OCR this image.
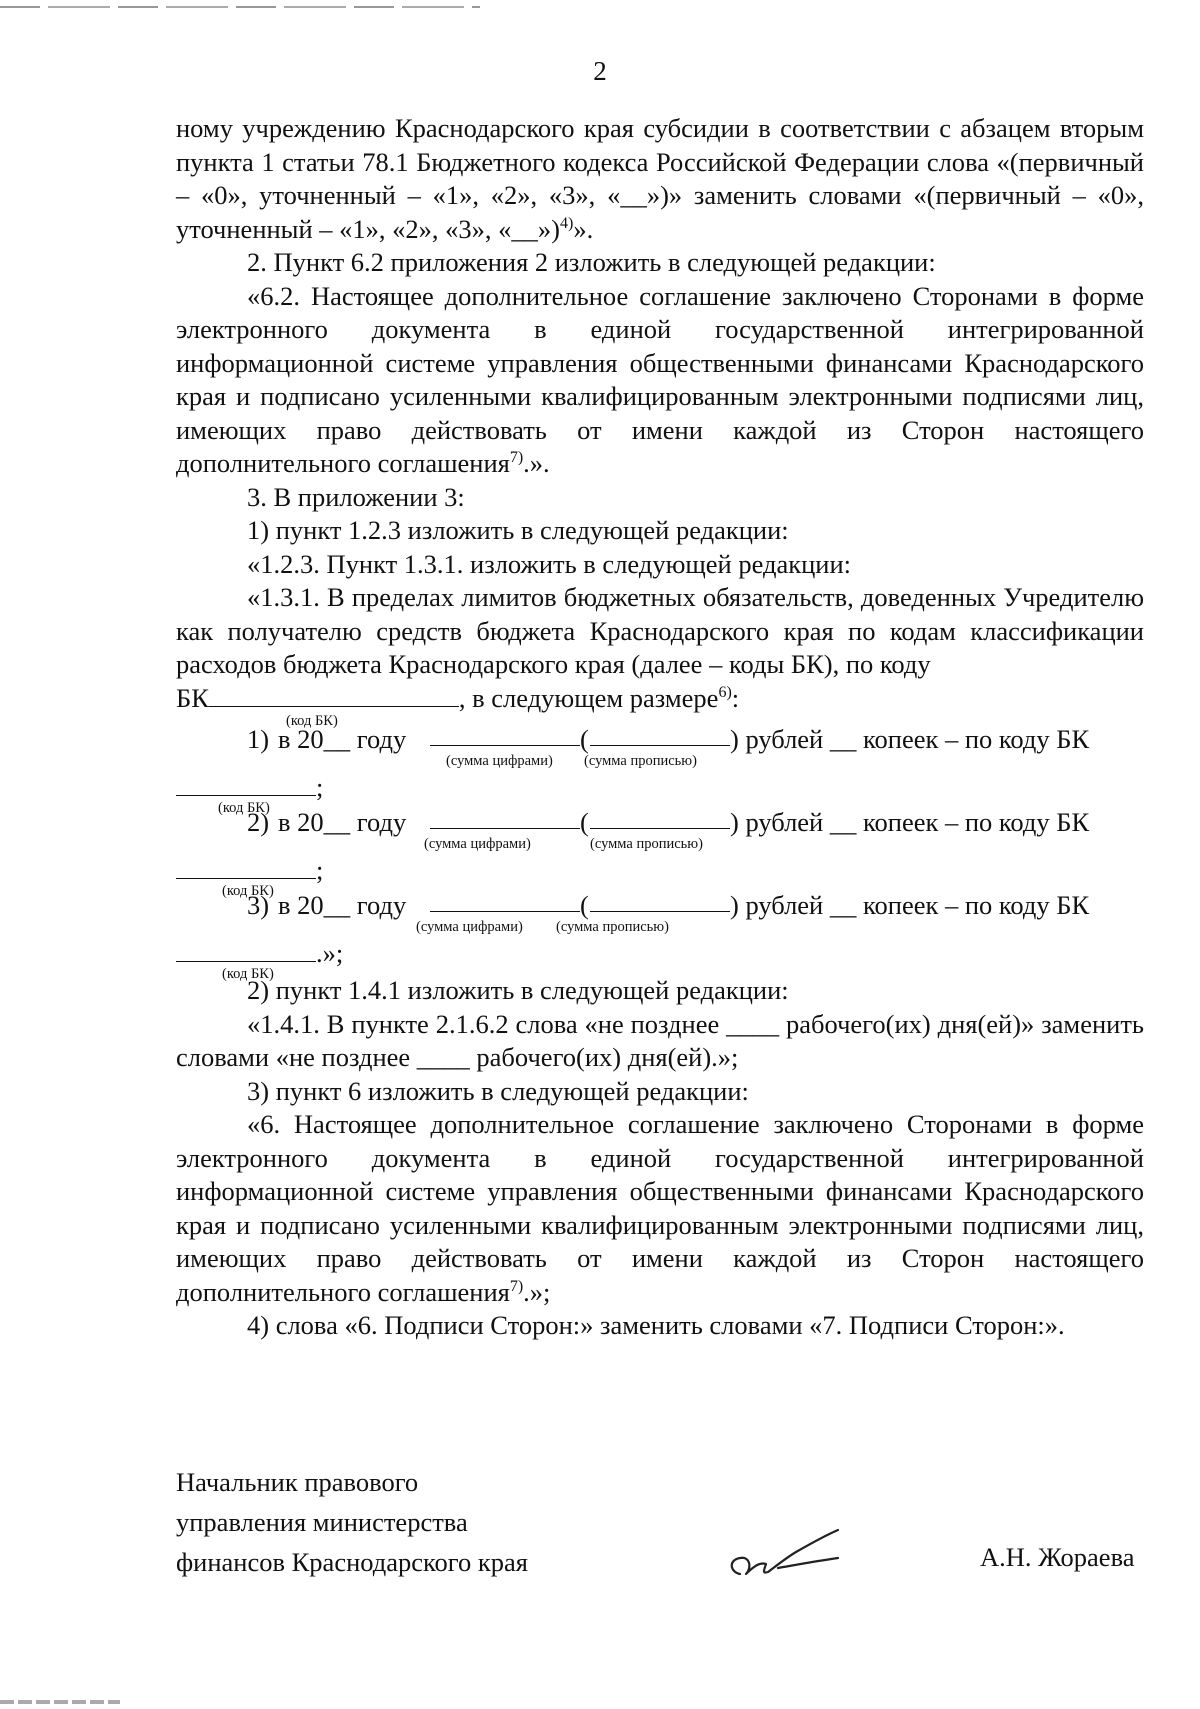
2

ному учреждению Краснодарского края субсидии в соответствии с абзацем вторым пункта 1 статьи 78.1 Бюджетного кодекса Российской Федерации слова «(первичный – «0», уточненный – «1», «2», «3», «__»)» заменить словами «(первичный – «0», уточненный – «1», «2», «3», «__»)$^{4)}$».

2. Пункт 6.2 приложения 2 изложить в следующей редакции:

«6.2. Настоящее дополнительное соглашение заключено Сторонами в форме электронного документа в единой государственной интегрированной информационной системе управления общественными финансами Краснодарского края и подписано усиленными квалифицированным электронными подписями лиц, имеющих право действовать от имени каждой из Сторон настоящего дополнительного соглашения$^{7)}$.».

3. В приложении 3:

1) пункт 1.2.3 изложить в следующей редакции:

«1.2.3. Пункт 1.3.1. изложить в следующей редакции:

«1.3.1. В пределах лимитов бюджетных обязательств, доведенных Учредителю как получателю средств бюджета Краснодарского края по кодам классификации расходов бюджета Краснодарского края (далее – коды БК), по коду

БК	, в следующем размере$^{6)}$:
(код БК)
1) в 20__ году	(	) рублей __ копеек – по коду БК
(сумма цифрами) (сумма прописью)
;
(код БК)
2) в 20__ году	(	) рублей __ копеек – по коду БК
(сумма цифрами)	(сумма прописью)
;
(код БК)
3) в 20__ году	(	) рублей __ копеек – по коду БК
(сумма цифрами) (сумма прописью)
.»;
(код БК)

2) пункт 1.4.1 изложить в следующей редакции:

«1.4.1. В пункте 2.1.6.2 слова «не позднее ____ рабочего(их) дня(ей)» заменить словами «не позднее ____ рабочего(их) дня(ей).»;

3) пункт 6 изложить в следующей редакции:

«6. Настоящее дополнительное соглашение заключено Сторонами в форме электронного документа в единой государственной интегрированной информационной системе управления общественными финансами Краснодарского края и подписано усиленными квалифицированным электронными подписями лиц, имеющих право действовать от имени каждой из Сторон настоящего дополнительного соглашения$^{7)}$.»;

4) слова «6. Подписи Сторон:» заменить словами «7. Подписи Сторон:».

Начальник правового
управления министерства
финансов Краснодарского края	А.Н. Жораева
